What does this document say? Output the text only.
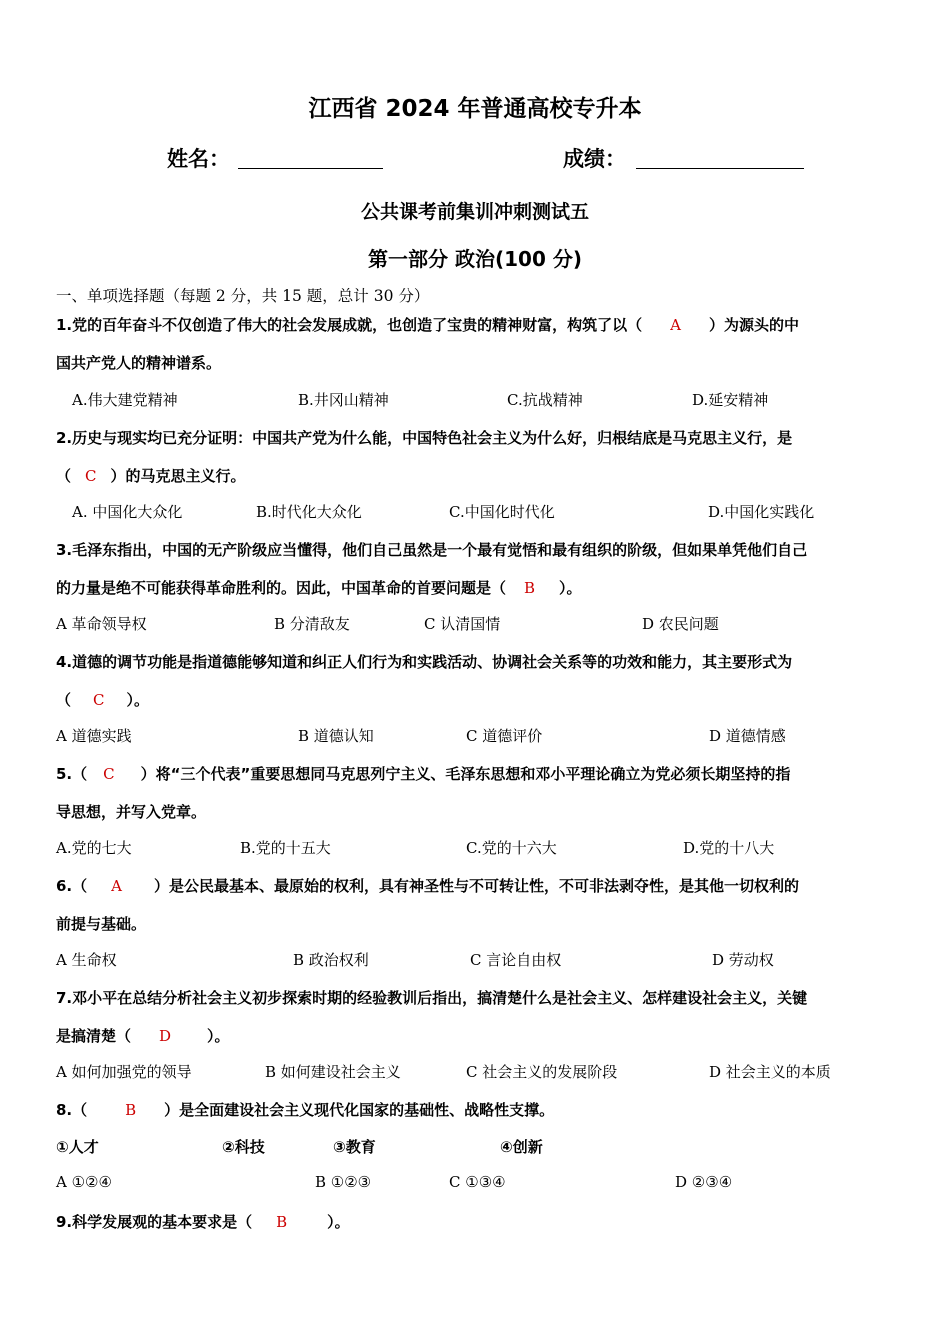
江西省 2024 年普通高校专升本
姓名：	成绩：
公共课考前集训冲刺测试五
第一部分 政治(100 分)
一、单项选择题（每题 2 分，共 15 题，总计 30 分）
1.党的百年奋斗不仅创造了伟大的社会发展成就，也创造了宝贵的精神财富，构筑了以（ A ）为源头的中
国共产党人的精神谱系。
A.伟大建党精神	B.井冈山精神	C.抗战精神	D.延安精神
2.历史与现实均已充分证明：中国共产党为什么能，中国特色社会主义为什么好，归根结底是马克思主义行，是
（ C ）的马克思主义行。
A. 中国化大众化	B.时代化大众化	C.中国化时代化	D.中国化实践化
3.毛泽东指出，中国的无产阶级应当懂得，他们自己虽然是一个最有觉悟和最有组织的阶级，但如果单凭他们自己
的力量是绝不可能获得革命胜利的。因此，中国革命的首要问题是（ B ）。
A 革命领导权	B 分清敌友	C 认清国情	D 农民问题
4.道德的调节功能是指道德能够知道和纠正人们行为和实践活动、协调社会关系等的功效和能力，其主要形式为
（ C ）。
A 道德实践	B 道德认知	C 道德评价	D 道德情感
5.（ C ）将“三个代表”重要思想同马克思列宁主义、毛泽东思想和邓小平理论确立为党必须长期坚持的指
导思想，并写入党章。
A.党的七大	B.党的十五大	C.党的十六大	D.党的十八大
6.（ A ）是公民最基本、最原始的权利，具有神圣性与不可转让性，不可非法剥夺性，是其他一切权利的
前提与基础。
A 生命权	B 政治权利	C 言论自由权	D 劳动权
7.邓小平在总结分析社会主义初步探索时期的经验教训后指出，搞清楚什么是社会主义、怎样建设社会主义，关键
是搞清楚（ D ）。
A 如何加强党的领导	B 如何建设社会主义	C 社会主义的发展阶段	D 社会主义的本质
8.（	B ）是全面建设社会主义现代化国家的基础性、战略性支撑。
①人才	②科技	③教育	④创新
A ①②④	B ①②③	C ①③④	D ②③④
9.科学发展观的基本要求是（ B	）。
